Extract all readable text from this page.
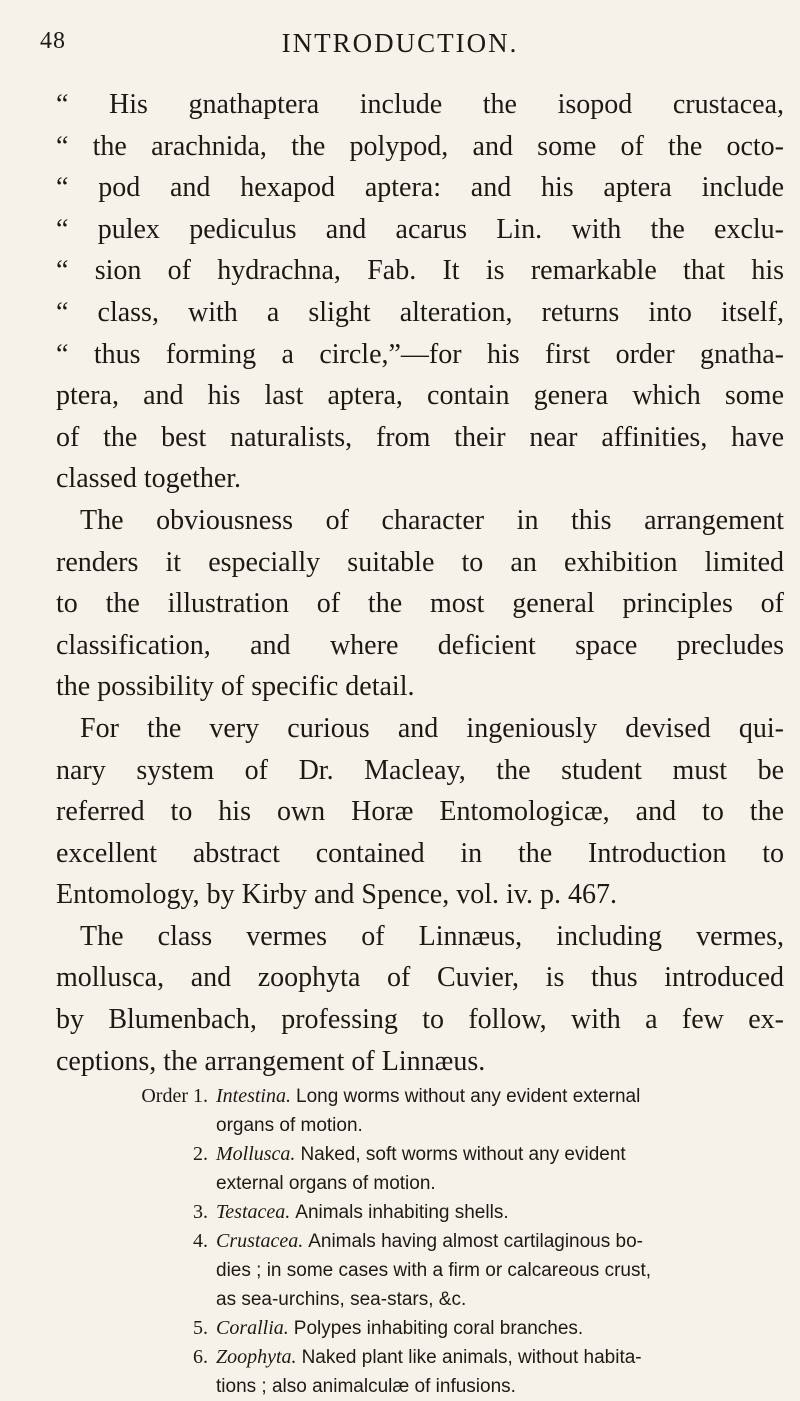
48	INTRODUCTION.
“ His gnathaptera include the isopod crustacea,
“ the arachnida, the polypod, and some of the octo-
“ pod and hexapod aptera: and his aptera include
“ pulex pediculus and acarus Lin. with the exclu-
“ sion of hydrachna, Fab. It is remarkable that his
“ class, with a slight alteration, returns into itself,
“ thus forming a circle,”—for his first order gnatha-
ptera, and his last aptera, contain genera which some
of the best naturalists, from their near affinities, have
classed together.
The obviousness of character in this arrangement
renders it especially suitable to an exhibition limited
to the illustration of the most general principles of
classification, and where deficient space precludes
the possibility of specific detail.
For the very curious and ingeniously devised qui-
nary system of Dr. Macleay, the student must be
referred to his own Horæ Entomologicæ, and to the
excellent abstract contained in the Introduction to
Entomology, by Kirby and Spence, vol. iv. p. 467.
The class vermes of Linnæus, including vermes,
mollusca, and zoophyta of Cuvier, is thus introduced
by Blumenbach, professing to follow, with a few ex-
ceptions, the arrangement of Linnæus.
Order 1. Intestina. Long worms without any evident external
organs of motion.
2. Mollusca. Naked, soft worms without any evident
external organs of motion.
3. Testacea. Animals inhabiting shells.
4. Crustacea. Animals having almost cartilaginous bo-
dies ; in some cases with a firm or calcareous crust,
as sea-urchins, sea-stars, &c.
5. Corallia. Polypes inhabiting coral branches.
6. Zoophyta. Naked plant like animals, without habita-
tions ; also animalculæ of infusions.
